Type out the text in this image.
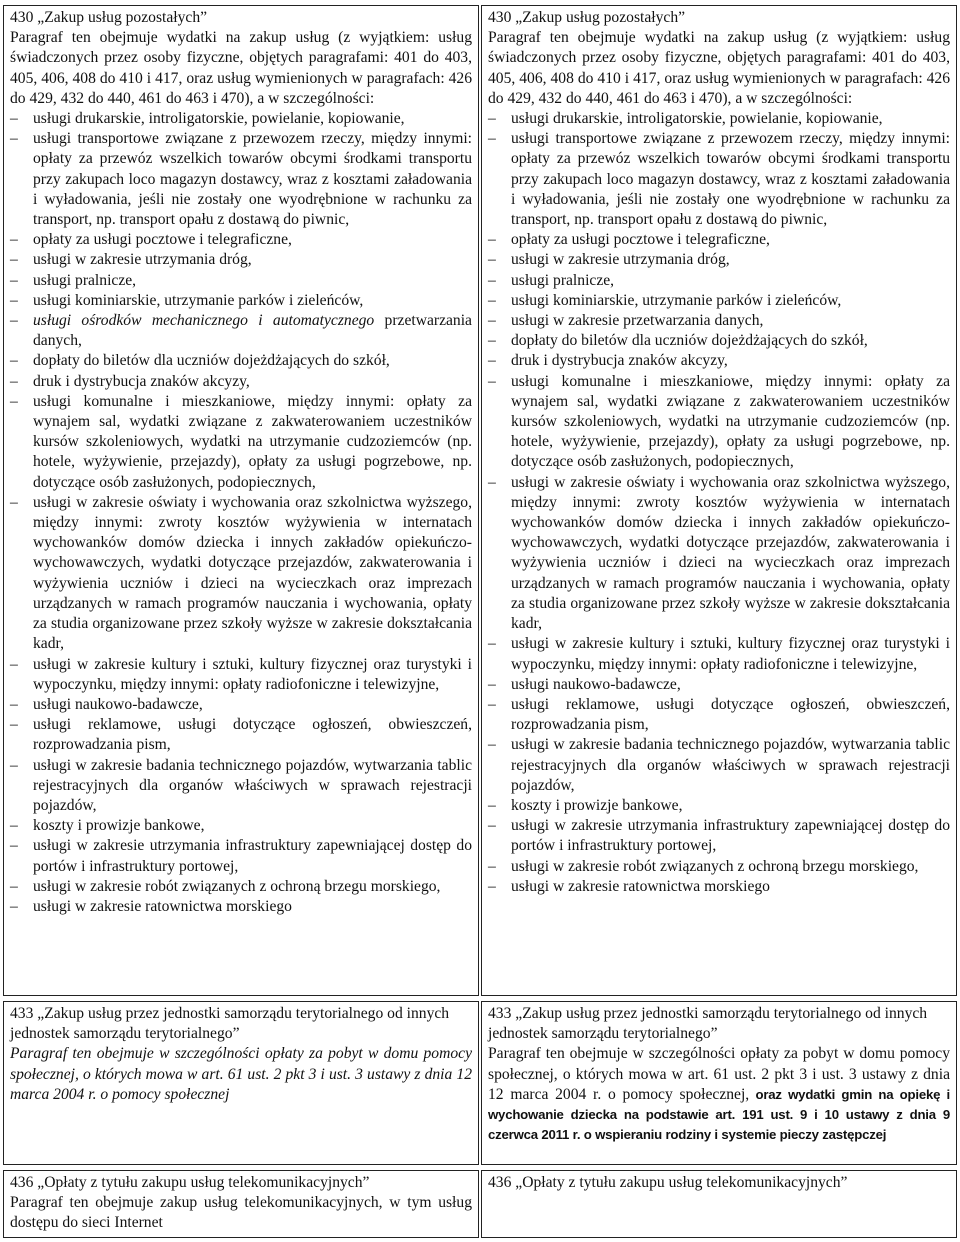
430 „Zakup usług pozostałych”
Paragraf ten obejmuje wydatki na zakup usług (z wyjątkiem: usług świadczonych przez osoby fizyczne, objętych paragrafami: 401 do 403, 405, 406, 408 do 410 i 417, oraz usług wymienionych w paragrafach: 426 do 429, 432 do 440, 461 do 463 i 470), a w szczególności:
– usługi drukarskie, introligatorskie, powielanie, kopiowanie,
– usługi transportowe związane z przewozem rzeczy, między innymi: opłaty za przewóz wszelkich towarów obcymi środkami transportu przy zakupach loco magazyn dostawcy, wraz z kosztami załadowania i wyładowania, jeśli nie zostały one wyodrębnione w rachunku za transport, np. transport opału z dostawą do piwnic,
– opłaty za usługi pocztowe i telegraficzne,
– usługi w zakresie utrzymania dróg,
– usługi pralnicze,
– usługi kominiarskie, utrzymanie parków i zieleńców,
– usługi ośrodków mechanicznego i automatycznego przetwarzania danych,
– dopłaty do biletów dla uczniów dojeżdżających do szkół,
– druk i dystrybucja znaków akcyzy,
– usługi komunalne i mieszkaniowe, między innymi: opłaty za wynajem sal, wydatki związane z zakwaterowaniem uczestników kursów szkoleniowych, wydatki na utrzymanie cudzoziemców (np. hotele, wyżywienie, przejazdy), opłaty za usługi pogrzebowe, np. dotyczące osób zasłużonych, podopiecznych,
– usługi w zakresie oświaty i wychowania oraz szkolnictwa wyższego, między innymi: zwroty kosztów wyżywienia w internatach wychowanków domów dziecka i innych zakładów opiekuńczo-wychowawczych, wydatki dotyczące przejazdów, zakwaterowania i wyżywienia uczniów i dzieci na wycieczkach oraz imprezach urządzanych w ramach programów nauczania i wychowania, opłaty za studia organizowane przez szkoły wyższe w zakresie dokształcania kadr,
– usługi w zakresie kultury i sztuki, kultury fizycznej oraz turystyki i wypoczynku, między innymi: opłaty radiofoniczne i telewizyjne,
– usługi naukowo-badawcze,
– usługi reklamowe, usługi dotyczące ogłoszeń, obwieszczeń, rozprowadzania pism,
– usługi w zakresie badania technicznego pojazdów, wytwarzania tablic rejestracyjnych dla organów właściwych w sprawach rejestracji pojazdów,
– koszty i prowizje bankowe,
– usługi w zakresie utrzymania infrastruktury zapewniającej dostęp do portów i infrastruktury portowej,
– usługi w zakresie robót związanych z ochroną brzegu morskiego,
– usługi w zakresie ratownictwa morskiego
433 „Zakup usług przez jednostki samorządu terytorialnego od innych jednostek samorządu terytorialnego”
Paragraf ten obejmuje w szczególności opłaty za pobyt w domu pomocy społecznej, o których mowa w art. 61 ust. 2 pkt 3 i ust. 3 ustawy z dnia 12 marca 2004 r. o pomocy społecznej
436 „Opłaty z tytułu zakupu usług telekomunikacyjnych”
Paragraf ten obejmuje zakup usług telekomunikacyjnych, w tym usług dostępu do sieci Internet
430 „Zakup usług pozostałych”
Paragraf ten obejmuje wydatki na zakup usług (z wyjątkiem: usług świadczonych przez osoby fizyczne, objętych paragrafami: 401 do 403, 405, 406, 408 do 410 i 417, oraz usług wymienionych w paragrafach: 426 do 429, 432 do 440, 461 do 463 i 470), a w szczególności:
– usługi drukarskie, introligatorskie, powielanie, kopiowanie,
– usługi transportowe związane z przewozem rzeczy, między innymi: opłaty za przewóz wszelkich towarów obcymi środkami transportu przy zakupach loco magazyn dostawcy, wraz z kosztami załadowania i wyładowania, jeśli nie zostały one wyodrębnione w rachunku za transport, np. transport opału z dostawą do piwnic,
– opłaty za usługi pocztowe i telegraficzne,
– usługi w zakresie utrzymania dróg,
– usługi pralnicze,
– usługi kominiarskie, utrzymanie parków i zieleńców,
– usługi w zakresie przetwarzania danych,
– dopłaty do biletów dla uczniów dojeżdżających do szkół,
– druk i dystrybucja znaków akcyzy,
– usługi komunalne i mieszkaniowe, między innymi: opłaty za wynajem sal, wydatki związane z zakwaterowaniem uczestników kursów szkoleniowych, wydatki na utrzymanie cudzoziemców (np. hotele, wyżywienie, przejazdy), opłaty za usługi pogrzebowe, np. dotyczące osób zasłużonych, podopiecznych,
– usługi w zakresie oświaty i wychowania oraz szkolnictwa wyższego, między innymi: zwroty kosztów wyżywienia w internatach wychowanków domów dziecka i innych zakładów opiekuńczo-wychowawczych, wydatki dotyczące przejazdów, zakwaterowania i wyżywienia uczniów i dzieci na wycieczkach oraz imprezach urządzanych w ramach programów nauczania i wychowania, opłaty za studia organizowane przez szkoły wyższe w zakresie dokształcania kadr,
– usługi w zakresie kultury i sztuki, kultury fizycznej oraz turystyki i wypoczynku, między innymi: opłaty radiofoniczne i telewizyjne,
– usługi naukowo-badawcze,
– usługi reklamowe, usługi dotyczące ogłoszeń, obwieszczeń, rozprowadzania pism,
– usługi w zakresie badania technicznego pojazdów, wytwarzania tablic rejestracyjnych dla organów właściwych w sprawach rejestracji pojazdów,
– koszty i prowizje bankowe,
– usługi w zakresie utrzymania infrastruktury zapewniającej dostęp do portów i infrastruktury portowej,
– usługi w zakresie robót związanych z ochroną brzegu morskiego,
– usługi w zakresie ratownictwa morskiego
433 „Zakup usług przez jednostki samorządu terytorialnego od innych jednostek samorządu terytorialnego”
Paragraf ten obejmuje w szczególności opłaty za pobyt w domu pomocy społecznej, o których mowa w art. 61 ust. 2 pkt 3 i ust. 3 ustawy z dnia 12 marca 2004 r. o pomocy społecznej, oraz wydatki gmin na opiekę i wychowanie dziecka na podstawie art. 191 ust. 9 i 10 ustawy z dnia 9 czerwca 2011 r. o wspieraniu rodziny i systemie pieczy zastępczej
436 „Opłaty z tytułu zakupu usług telekomunikacyjnych”
